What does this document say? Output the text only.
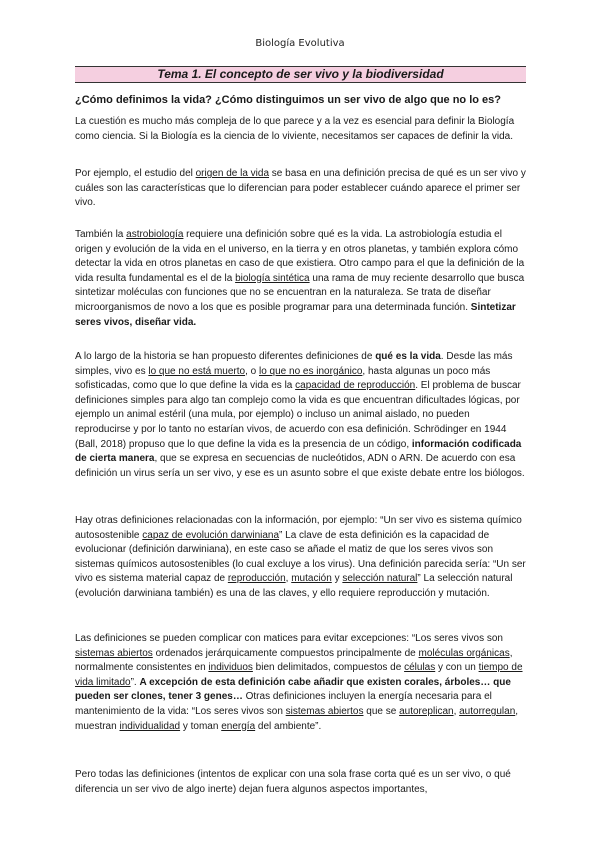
Biología Evolutiva
Tema 1. El concepto de ser vivo y la biodiversidad
¿Cómo definimos la vida? ¿Cómo distinguimos un ser vivo de algo que no lo es?
La cuestión es mucho más compleja de lo que parece y a la vez es esencial para definir la Biología como ciencia. Si la Biología es la ciencia de lo viviente, necesitamos ser capaces de definir la vida.
Por ejemplo, el estudio del origen de la vida se basa en una definición precisa de qué es un ser vivo y cuáles son las características que lo diferencian para poder establecer cuándo aparece el primer ser vivo.
También la astrobiología requiere una definición sobre qué es la vida. La astrobiología estudia el origen y evolución de la vida en el universo, en la tierra y en otros planetas, y también explora cómo detectar la vida en otros planetas en caso de que existiera. Otro campo para el que la definición de la vida resulta fundamental es el de la biología sintética una rama de muy reciente desarrollo que busca sintetizar moléculas con funciones que no se encuentran en la naturaleza. Se trata de diseñar microorganismos de novo a los que es posible programar para una determinada función. Sintetizar seres vivos, diseñar vida.
A lo largo de la historia se han propuesto diferentes definiciones de qué es la vida. Desde las más simples, vivo es lo que no está muerto, o lo que no es inorgánico, hasta algunas un poco más sofisticadas, como que lo que define la vida es la capacidad de reproducción. El problema de buscar definiciones simples para algo tan complejo como la vida es que encuentran dificultades lógicas, por ejemplo un animal estéril (una mula, por ejemplo) o incluso un animal aislado, no pueden reproducirse y por lo tanto no estarían vivos, de acuerdo con esa definición. Schrödinger en 1944 (Ball, 2018) propuso que lo que define la vida es la presencia de un código, información codificada de cierta manera, que se expresa en secuencias de nucleótidos, ADN o ARN. De acuerdo con esa definición un virus sería un ser vivo, y ese es un asunto sobre el que existe debate entre los biólogos.
Hay otras definiciones relacionadas con la información, por ejemplo: “Un ser vivo es sistema químico autosostenible capaz de evolución darwiniana” La clave de esta definición es la capacidad de evolucionar (definición darwiniana), en este caso se añade el matiz de que los seres vivos son sistemas químicos autosostenibles (lo cual excluye a los virus). Una definición parecida sería: “Un ser vivo es sistema material capaz de reproducción, mutación y selección natural” La selección natural (evolución darwiniana también) es una de las claves, y ello requiere reproducción y mutación.
Las definiciones se pueden complicar con matices para evitar excepciones: “Los seres vivos son sistemas abiertos ordenados jerárquicamente compuestos principalmente de moléculas orgánicas, normalmente consistentes en individuos bien delimitados, compuestos de células y con un tiempo de vida limitado”. A excepción de esta definición cabe añadir que existen corales, árboles… que pueden ser clones, tener 3 genes… Otras definiciones incluyen la energía necesaria para el mantenimiento de la vida: “Los seres vivos son sistemas abiertos que se autoreplican, autorregulan, muestran individualidad y toman energía del ambiente”.
Pero todas las definiciones (intentos de explicar con una sola frase corta qué es un ser vivo, o qué diferencia un ser vivo de algo inerte) dejan fuera algunos aspectos importantes,
